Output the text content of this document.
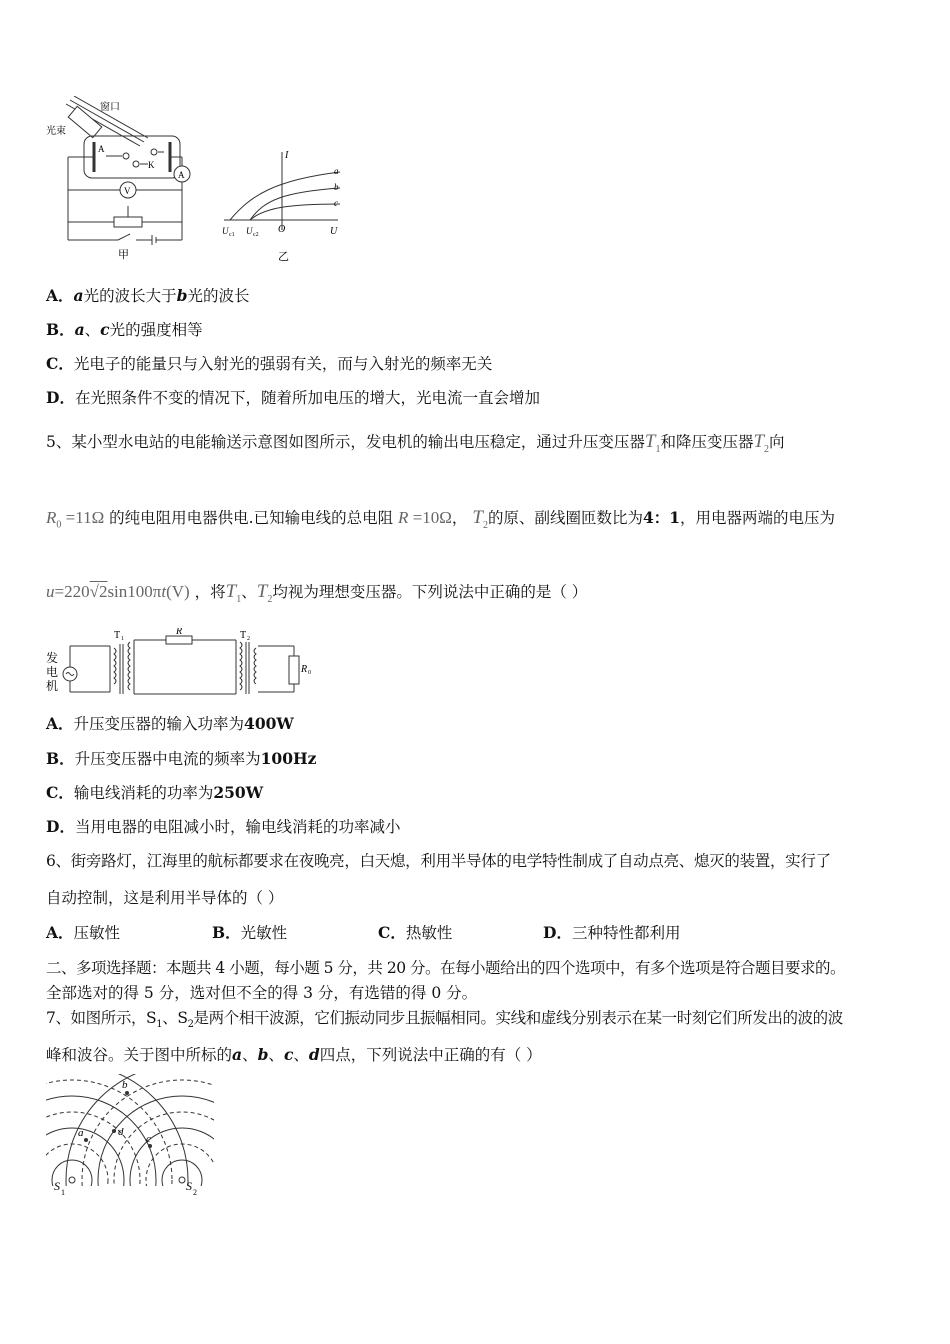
窗口
光束
A
K
V
A
甲
I
U
O
a
b
c
U c1 U c2
乙
A．a光的波长大于b光的波长
B．a、c光的强度相等
C．光电子的能量只与入射光的强弱有关，而与入射光的频率无关
D．在光照条件不变的情况下，随着所加电压的增大，光电流一直会增加
5、某小型水电站的电能输送示意图如图所示，发电机的输出电压稳定，通过升压变压器$T_1$和降压变压器$T_2$向
$R_0 =11\Omega$ 的纯电阻用电器供电.已知输电线的总电阻 R =10Ω， $T_2$的原、副线圈匝数比为4：1，用电器两端的电压为
u=220√2sin100πt(V) ，将$T_1$、$T_2$均视为理想变压器。下列说法中正确的是（ ）
发
电
机
T 1
R	T 2
R 0
A．升压变压器的输入功率为400W
B．升压变压器中电流的频率为100Hz
C．输电线消耗的功率为250W
D．当用电器的电阻减小时，输电线消耗的功率减小
6、街旁路灯，江海里的航标都要求在夜晚亮，白天熄，利用半导体的电学特性制成了自动点亮、熄灭的装置，实行了
自动控制，这是利用半导体的（ ）
A．压敏性	B．光敏性	C．热敏性	D．三种特性都利用
二、多项选择题：本题共 4 小题，每小题 5 分，共 20 分。在每小题给出的四个选项中，有多个选项是符合题目要求的。
全部选对的得 5 分，选对但不全的得 3 分，有选错的得 0 分。
7、如图所示，$S_1$、$S_2$是两个相干波源，它们振动同步且振幅相同。实线和虚线分别表示在某一时刻它们所发出的波的波
峰和波谷。关于图中所标的a、b、c、d四点，下列说法中正确的有（ ）
a
b
c
d
S 1	S 2
